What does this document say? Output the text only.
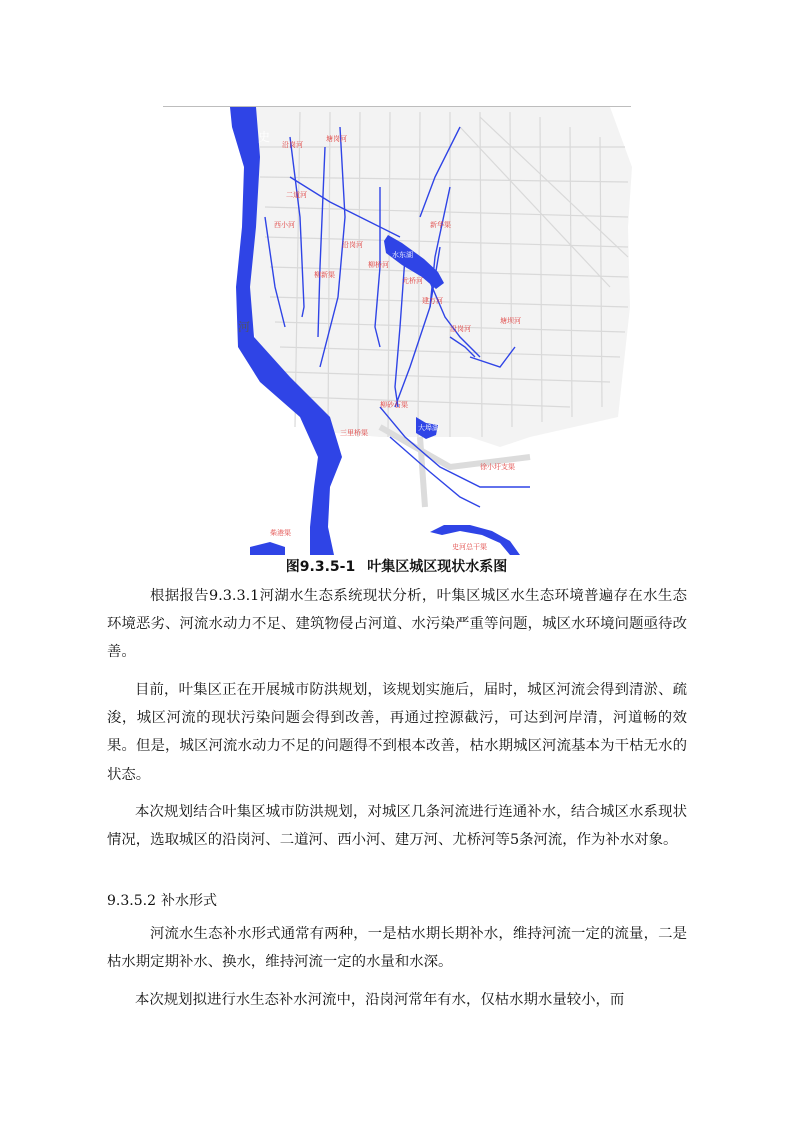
史
河
沿岗河
塘岗河
二道河
西小河
沿岗河
柳新渠
柳桥河
水东湖
尤桥河
建万河
新华渠
沿岗河
塘坝河
柳砂石渠
三里桥渠
大埠湖
徐小圩支渠
柴港渠
史河总干渠
图9.3.5-1 叶集区城区现状水系图
根据报告9.3.3.1河湖水生态系统现状分析，叶集区城区水生态环境普遍存在水生态环境恶劣、河流水动力不足、建筑物侵占河道、水污染严重等问题，城区水环境问题亟待改善。
目前，叶集区正在开展城市防洪规划，该规划实施后，届时，城区河流会得到清淤、疏浚，城区河流的现状污染问题会得到改善，再通过控源截污，可达到河岸清，河道畅的效果。但是，城区河流水动力不足的问题得不到根本改善，枯水期城区河流基本为干枯无水的状态。
本次规划结合叶集区城市防洪规划，对城区几条河流进行连通补水，结合城区水系现状情况，选取城区的沿岗河、二道河、西小河、建万河、尤桥河等5条河流，作为补水对象。
9.3.5.2 补水形式
河流水生态补水形式通常有两种，一是枯水期长期补水，维持河流一定的流量，二是枯水期定期补水、换水，维持河流一定的水量和水深。
本次规划拟进行水生态补水河流中，沿岗河常年有水，仅枯水期水量较小，而
